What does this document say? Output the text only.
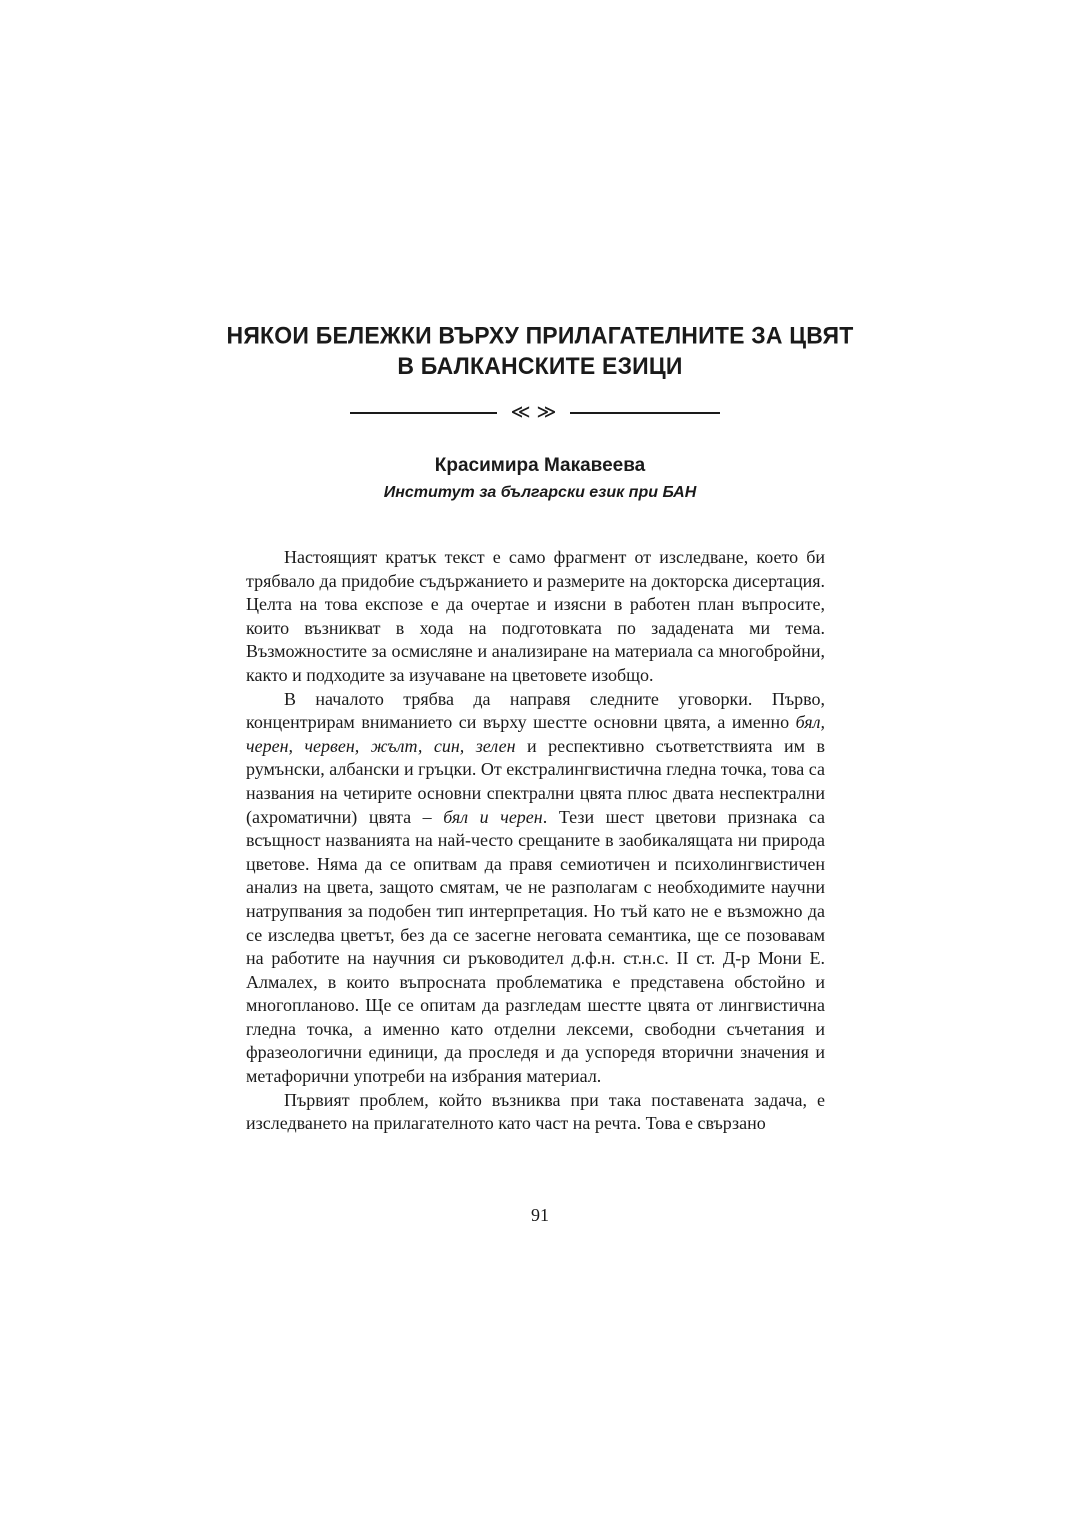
НЯКОИ БЕЛЕЖКИ ВЪРХУ ПРИЛАГАТЕЛНИТЕ ЗА ЦВЯТ
В БАЛКАНСКИТЕ ЕЗИЦИ
≪ ≫
Красимира Макавеева
Институт за български език при БАН

Настоящият кратък текст е само фрагмент от изследване, което би трябвало да придобие съдържанието и размерите на докторска дисертация. Целта на това експозе е да очертае и изясни в работен план въпросите, които възникват в хода на подготовката по зададената ми тема. Възможностите за осмисляне и анализиране на материала са многобройни, както и подходите за изучаване на цветовете изобщо.

В началото трябва да направя следните уговорки. Първо, концентрирам вниманието си върху шестте основни цвята, а именно бял, черен, червен, жълт, син, зелен и респективно съответствията им в румънски, албански и гръцки. От екстралингвистична гледна точка, това са названия на четирите основни спектрални цвята плюс двата неспектрални (ахроматични) цвята – бял и черен. Тези шест цветови признака са всъщност названията на най-често срещаните в заобикалящата ни природа цветове. Няма да се опитвам да правя семиотичен и психолингвистичен анализ на цвета, защото смятам, че не разполагам с необходимите научни натрупвания за подобен тип интерпретация. Но тъй като не е възможно да се изследва цветът, без да се засегне неговата семантика, ще се позовавам на работите на научния си ръководител д.ф.н. ст.н.с. II ст. Д-р Мони Е. Алмалех, в които въпросната проблематика е представена обстойно и многопланово. Ще се опитам да разгледам шестте цвята от лингвистична гледна точка, а именно като отделни лексеми, свободни съчетания и фразеологични единици, да проследя и да успоредя вторични значения и метафорични употреби на избрания материал.

Първият проблем, който възниква при така поставената задача, е изследването на прилагателното като част на речта. Това е свързано

91
